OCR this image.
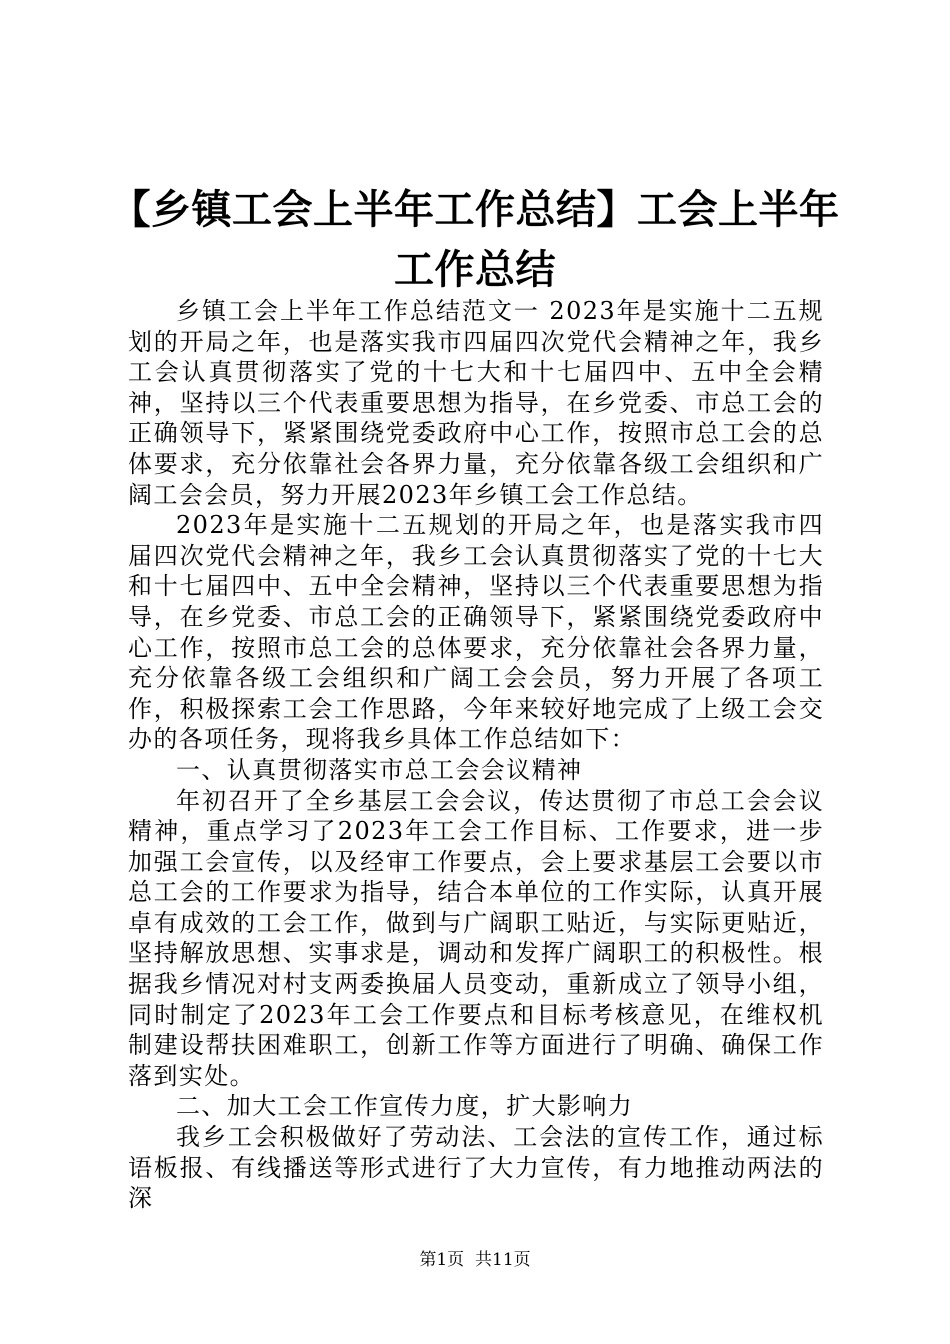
【乡镇工会上半年工作总结】工会上半年工作总结

乡镇工会上半年工作总结范文一 2023年是实施十二五规划的开局之年，也是落实我市四届四次党代会精神之年，我乡工会认真贯彻落实了党的十七大和十七届四中、五中全会精神，坚持以三个代表重要思想为指导，在乡党委、市总工会的正确领导下，紧紧围绕党委政府中心工作，按照市总工会的总体要求，充分依靠社会各界力量，充分依靠各级工会组织和广阔工会会员，努力开展2023年乡镇工会工作总结。

2023年是实施十二五规划的开局之年，也是落实我市四届四次党代会精神之年，我乡工会认真贯彻落实了党的十七大和十七届四中、五中全会精神，坚持以三个代表重要思想为指导，在乡党委、市总工会的正确领导下，紧紧围绕党委政府中心工作，按照市总工会的总体要求，充分依靠社会各界力量，充分依靠各级工会组织和广阔工会会员，努力开展了各项工作，积极探索工会工作思路，今年来较好地完成了上级工会交办的各项任务，现将我乡具体工作总结如下：

一、认真贯彻落实市总工会会议精神

年初召开了全乡基层工会会议，传达贯彻了市总工会会议精神，重点学习了2023年工会工作目标、工作要求，进一步加强工会宣传，以及经审工作要点，会上要求基层工会要以市总工会的工作要求为指导，结合本单位的工作实际，认真开展卓有成效的工会工作，做到与广阔职工贴近，与实际更贴近，坚持解放思想、实事求是，调动和发挥广阔职工的积极性。根据我乡情况对村支两委换届人员变动，重新成立了领导小组，同时制定了2023年工会工作要点和目标考核意见，在维权机制建设帮扶困难职工，创新工作等方面进行了明确、确保工作落到实处。

二、加大工会工作宣传力度，扩大影响力

我乡工会积极做好了劳动法、工会法的宣传工作，通过标语板报、有线播送等形式进行了大力宣传，有力地推动两法的深

第1页 共11页
